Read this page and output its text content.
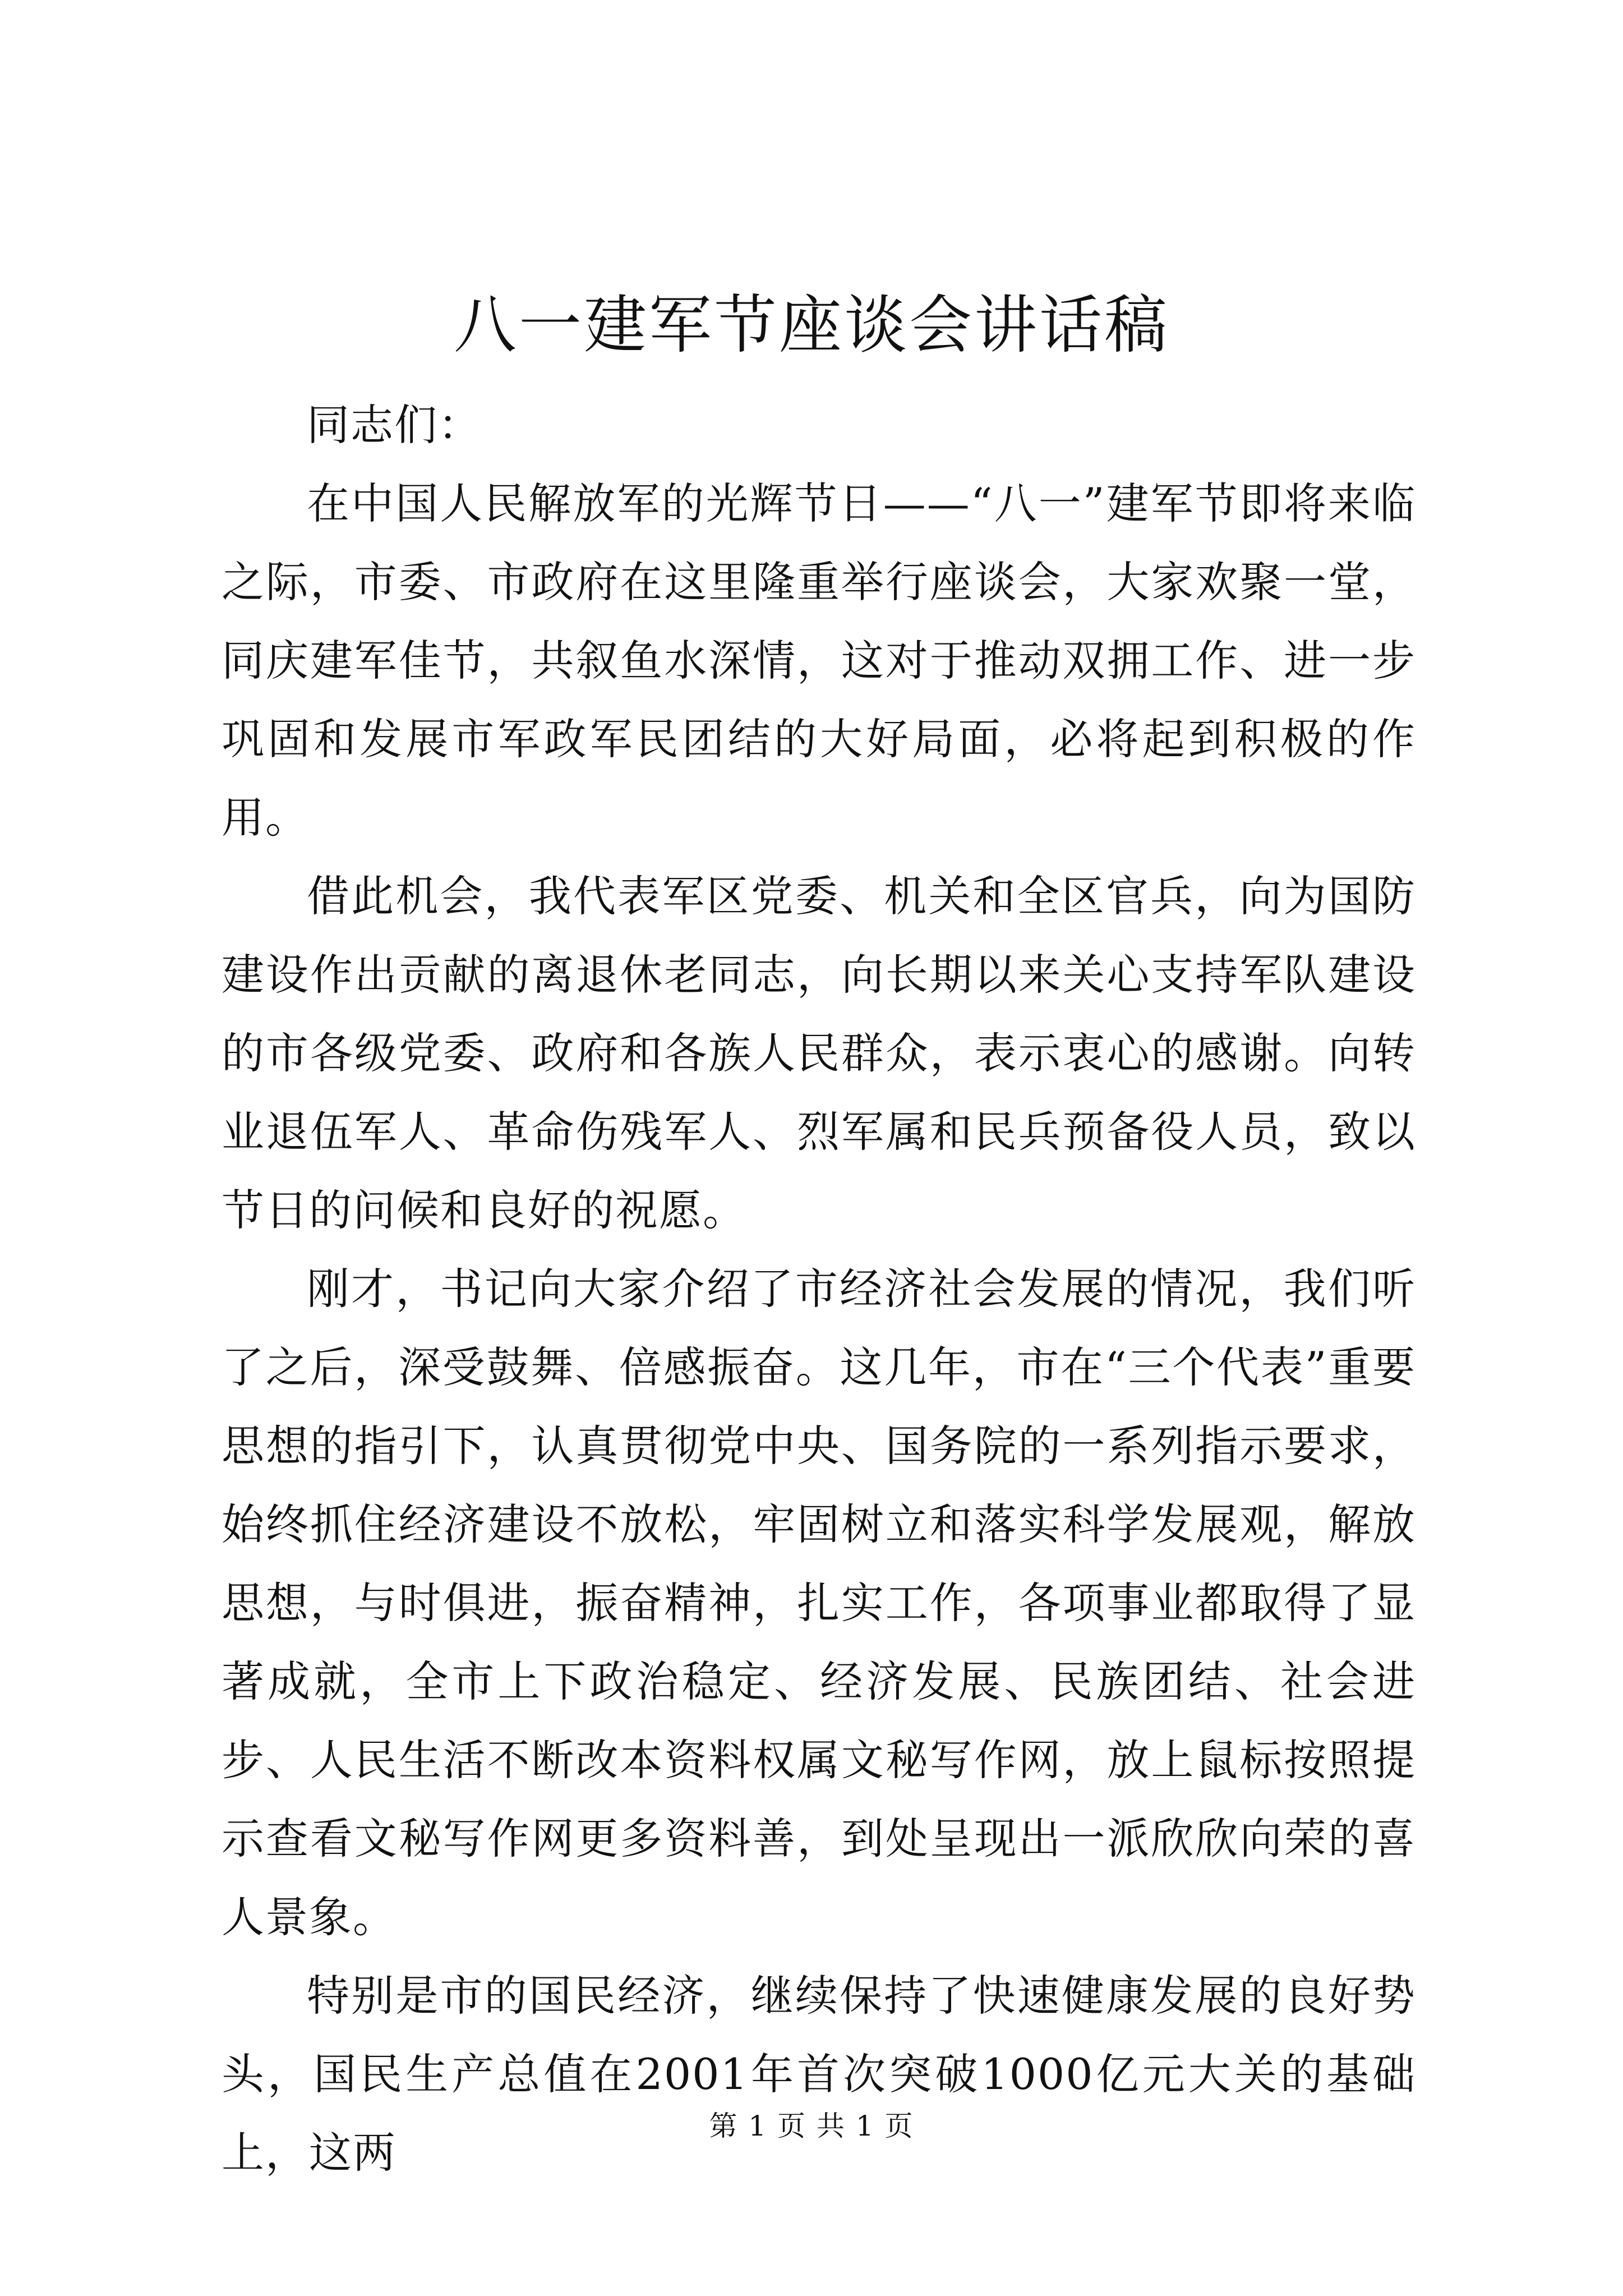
八一建军节座谈会讲话稿

同志们：

在中国人民解放军的光辉节日——“八一”建军节即将来临之际，市委、市政府在这里隆重举行座谈会，大家欢聚一堂，同庆建军佳节，共叙鱼水深情，这对于推动双拥工作、进一步巩固和发展市军政军民团结的大好局面，必将起到积极的作用。

借此机会，我代表军区党委、机关和全区官兵，向为国防建设作出贡献的离退休老同志，向长期以来关心支持军队建设的市各级党委、政府和各族人民群众，表示衷心的感谢。向转业退伍军人、革命伤残军人、烈军属和民兵预备役人员，致以节日的问候和良好的祝愿。

刚才，书记向大家介绍了市经济社会发展的情况，我们听了之后，深受鼓舞、倍感振奋。这几年，市在“三个代表”重要思想的指引下，认真贯彻党中央、国务院的一系列指示要求，始终抓住经济建设不放松，牢固树立和落实科学发展观，解放思想，与时俱进，振奋精神，扎实工作，各项事业都取得了显著成就，全市上下政治稳定、经济发展、民族团结、社会进步、人民生活不断改本资料权属文秘写作网，放上鼠标按照提示查看文秘写作网更多资料善，到处呈现出一派欣欣向荣的喜人景象。

特别是市的国民经济，继续保持了快速健康发展的良好势头，国民生产总值在2001年首次突破1000亿元大关的基础上，这两

第 1 页 共 1 页
